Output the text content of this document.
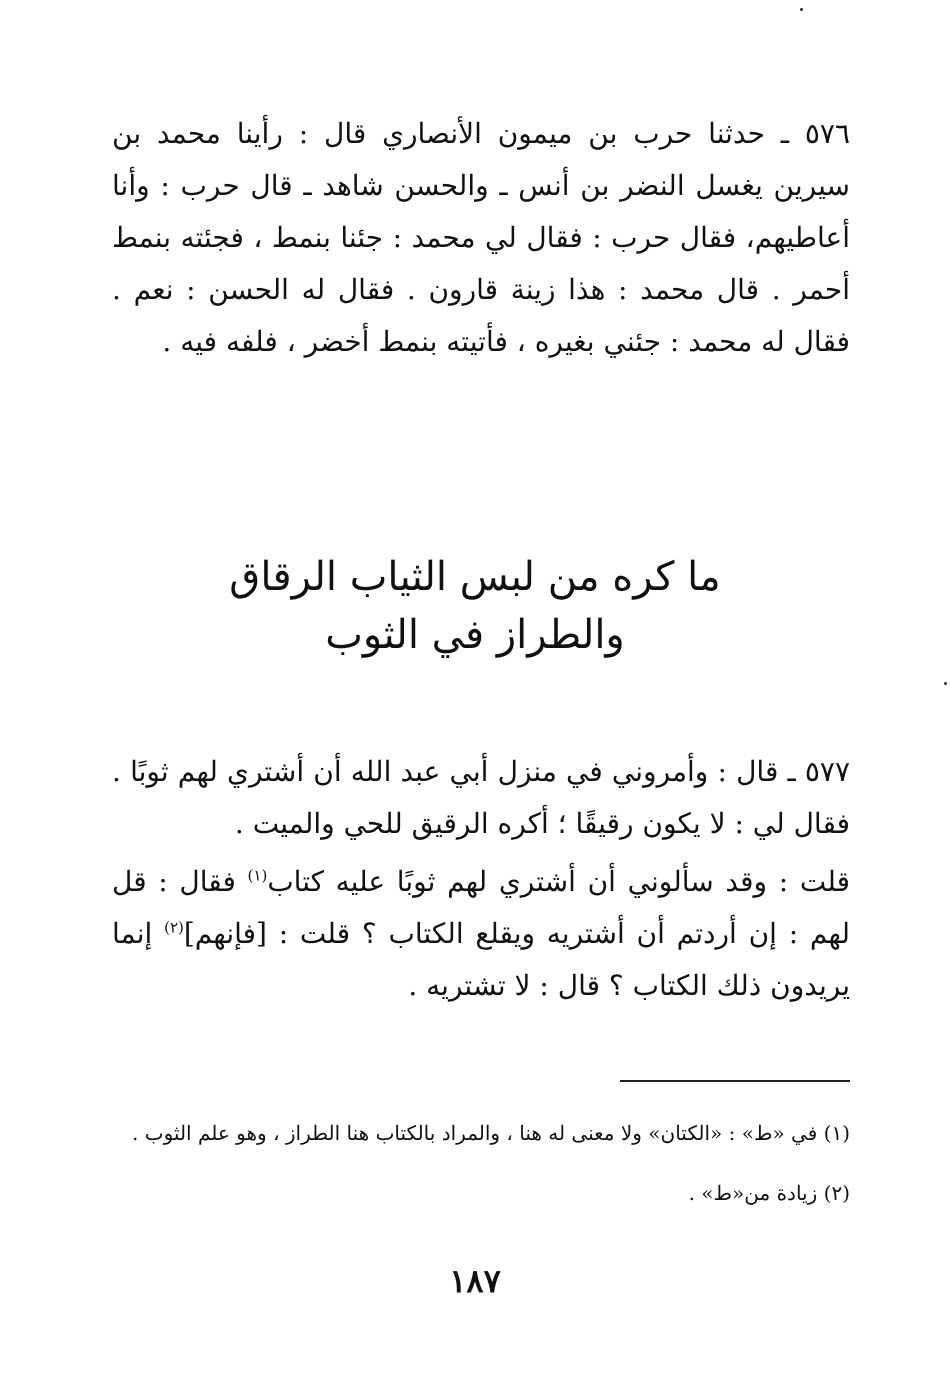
٥٧٦ ـ حدثنا حرب بن ميمون الأنصاري قال : رأينا محمد بن سيرين يغسل النضر بن أنس ـ والحسن شاهد ـ قال حرب : وأنا أعاطيهم، فقال حرب : فقال لي محمد : جئنا بنمط ، فجئته بنمط أحمر . قال محمد : هذا زينة قارون . فقال له الحسن : نعم . فقال له محمد : جئني بغيره ، فأتيته بنمط أخضر ، فلفه فيه .

ما كره من لبس الثياب الرقاق
والطراز في الثوب

٥٧٧ ـ قال : وأمروني في منزل أبي عبد الله أن أشتري لهم ثوبًا . فقال لي : لا يكون رقيقًا ؛ أكره الرقيق للحي والميت .

قلت : وقد سألوني أن أشتري لهم ثوبًا عليه كتاب$^{(١)}$ فقال : قل لهم : إن أردتم أن أشتريه ويقلع الكتاب ؟ قلت : [فإنهم]$^{(٢)}$ إنما يريدون ذلك الكتاب ؟ قال : لا تشتريه .

(١) في «ط» : «الكتان» ولا معنى له هنا ، والمراد بالكتاب هنا الطراز ، وهو علم الثوب .

(٢) زيادة من«ط» .

١٨٧
